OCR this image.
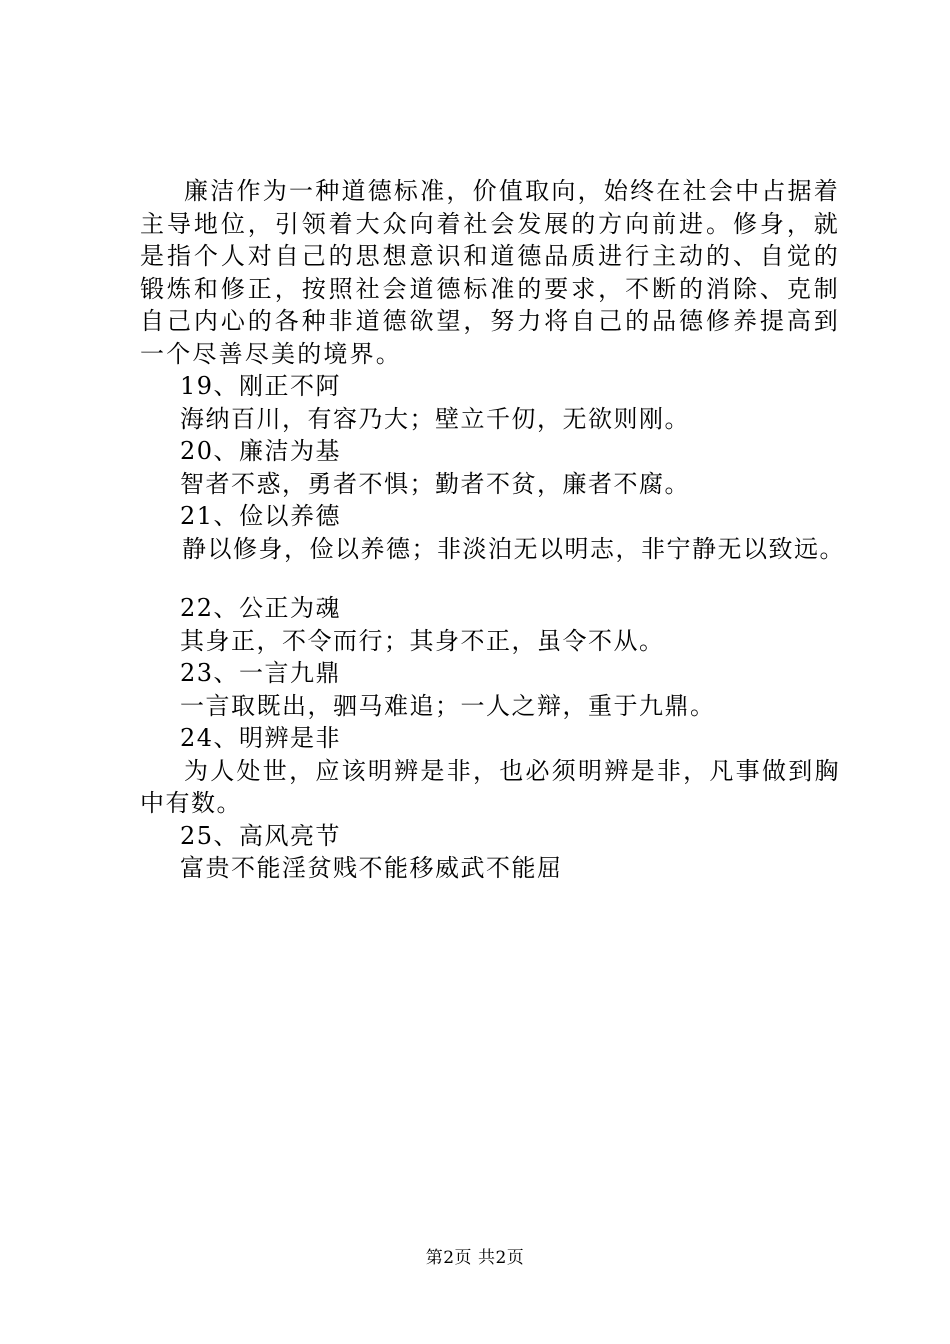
廉洁作为一种道德标准，价值取向，始终在社会中占据着主导地位，引领着大众向着社会发展的方向前进。修身，就是指个人对自己的思想意识和道德品质进行主动的、自觉的锻炼和修正，按照社会道德标准的要求，不断的消除、克制自己内心的各种非道德欲望，努力将自己的品德修养提高到一个尽善尽美的境界。

19、刚正不阿

海纳百川，有容乃大；壁立千仞，无欲则刚。

20、廉洁为基

智者不惑，勇者不惧；勤者不贫，廉者不腐。

21、俭以养德

静以修身，俭以养德；非淡泊无以明志，非宁静无以致远。

22、公正为魂

其身正，不令而行；其身不正，虽令不从。

23、一言九鼎

一言取既出，驷马难追；一人之辩，重于九鼎。

24、明辨是非

为人处世，应该明辨是非，也必须明辨是非，凡事做到胸中有数。

25、高风亮节

富贵不能淫贫贱不能移威武不能屈

第2页 共2页
